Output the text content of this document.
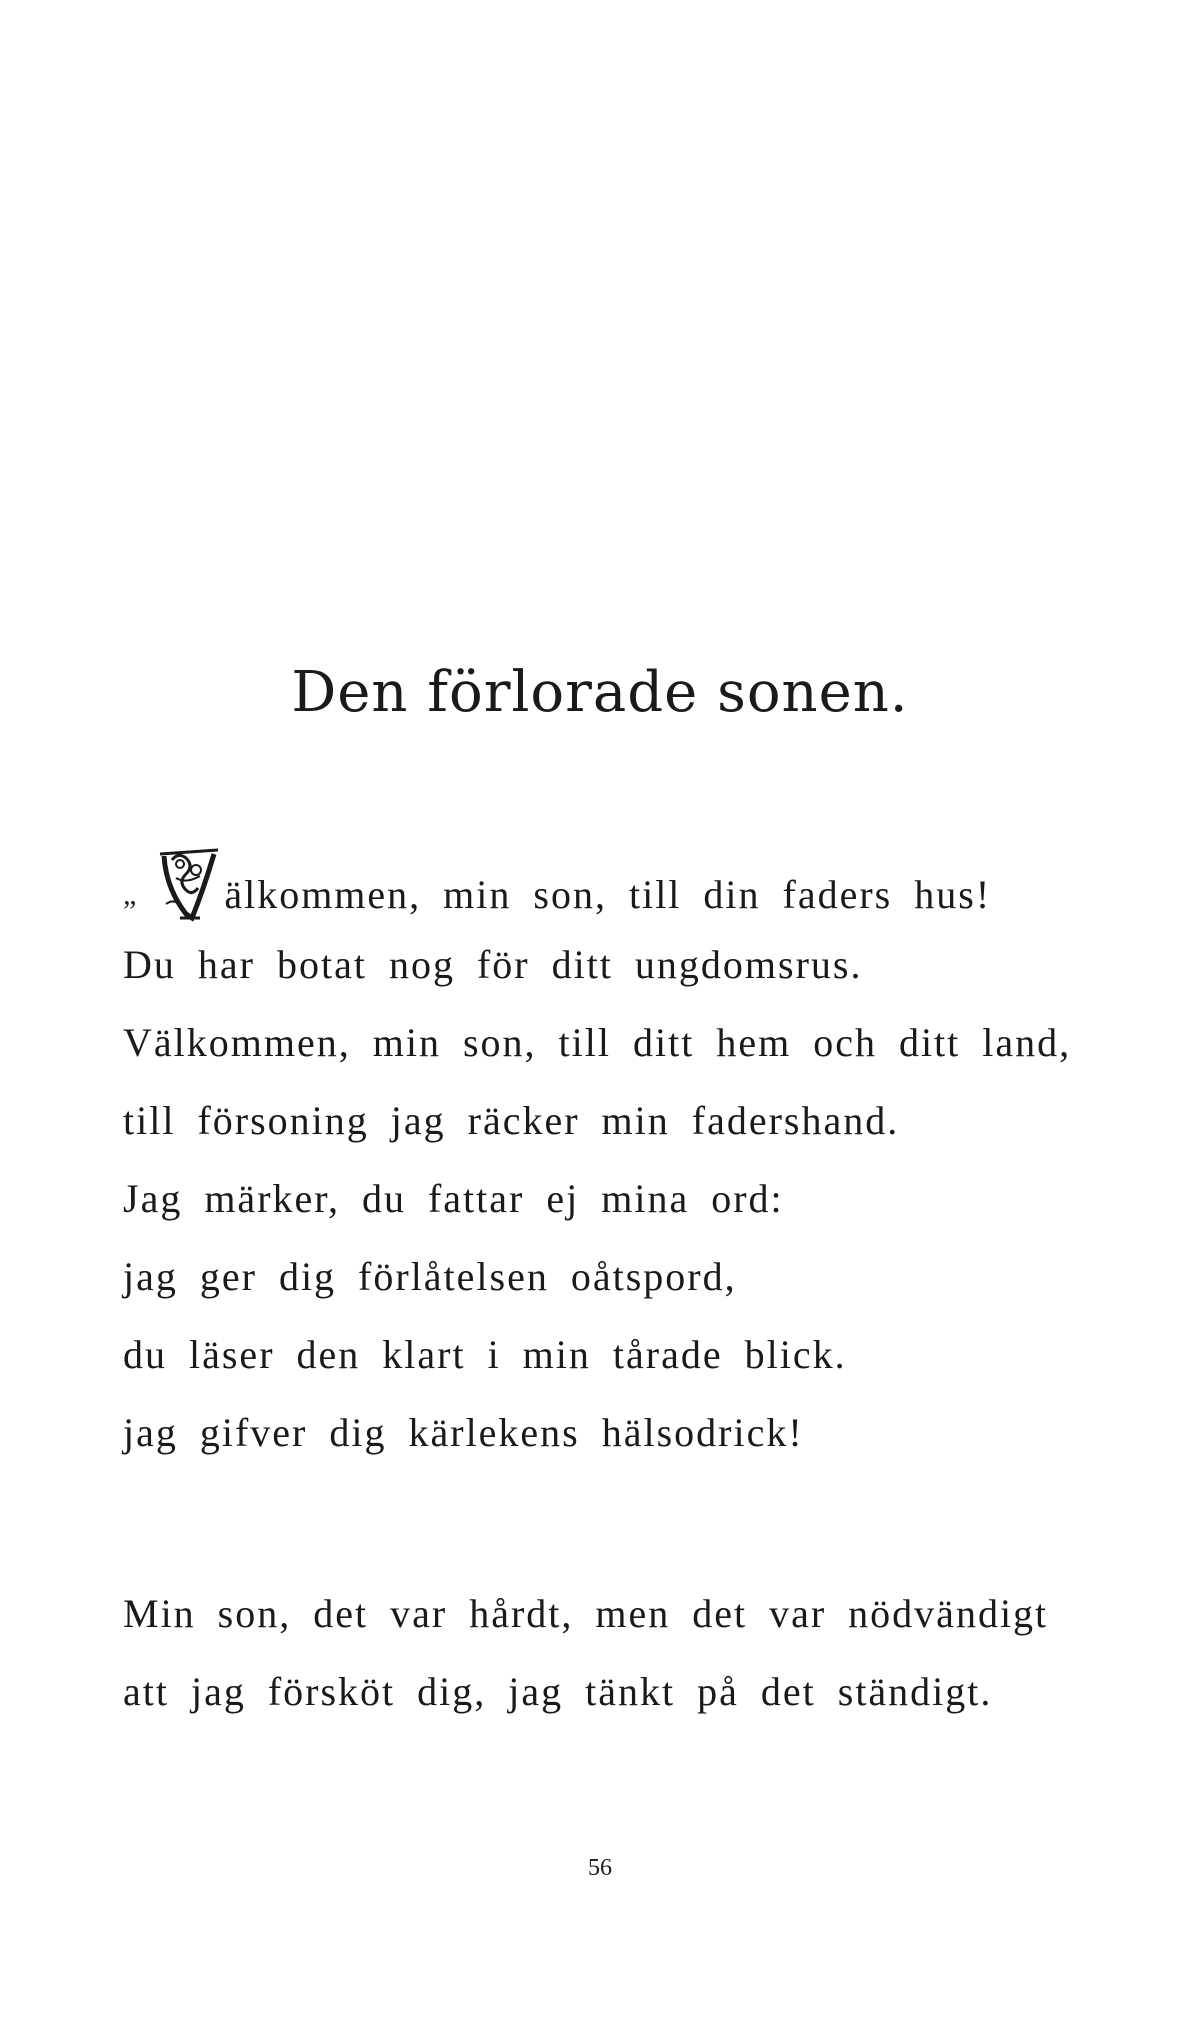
Den förlorade sonen.
„ älkommen, min son, till din faders hus!
Du har botat nog för ditt ungdomsrus.
Välkommen, min son, till ditt hem och ditt land,
till försoning jag räcker min fadershand.
Jag märker, du fattar ej mina ord:
jag ger dig förlåtelsen oåtspord,
du läser den klart i min tårade blick.
jag gifver dig kärlekens hälsodrick!
Min son, det var hårdt, men det var nödvändigt
att jag försköt dig, jag tänkt på det ständigt.
56
